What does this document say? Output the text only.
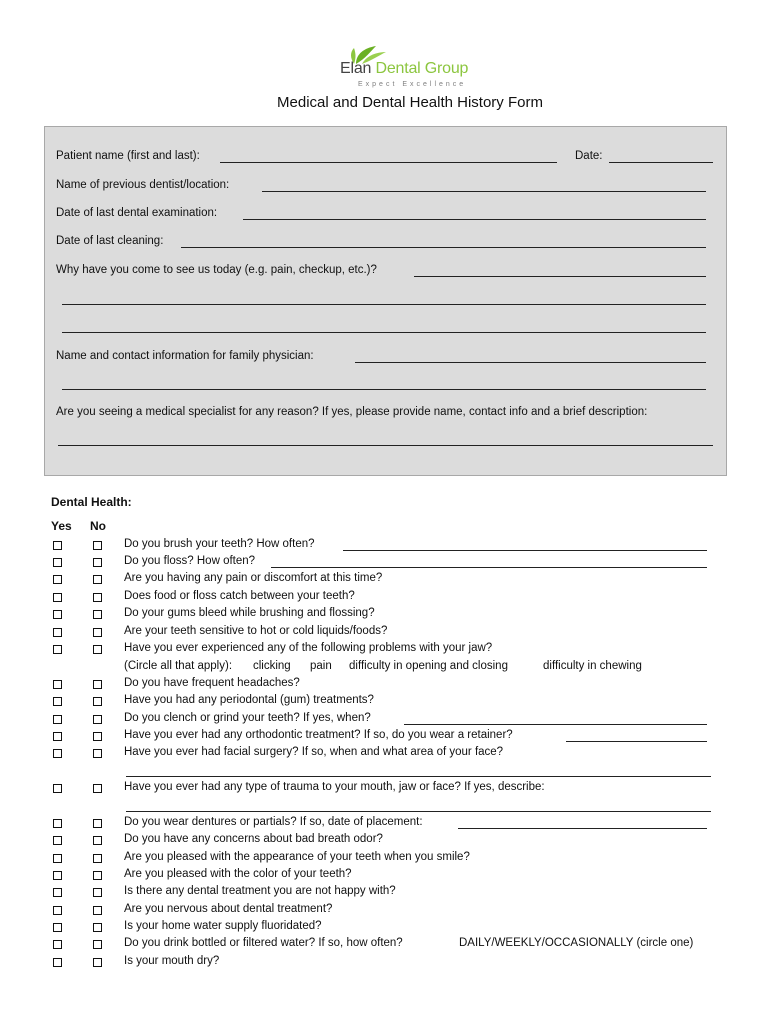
Elan Dental Group
Expect Excellence
Medical and Dental Health History Form
Patient name (first and last):	Date:
Name of previous dentist/location:
Date of last dental examination:
Date of last cleaning:
Why have you come to see us today (e.g. pain, checkup, etc.)?
Name and contact information for family physician:
Are you seeing a medical specialist for any reason? If yes, please provide name, contact info and a brief description:
Dental Health:
Yes No
Do you brush your teeth? How often?
Do you floss? How often?
Are you having any pain or discomfort at this time?
Does food or floss catch between your teeth?
Do your gums bleed while brushing and flossing?
Are your teeth sensitive to hot or cold liquids/foods?
Have you ever experienced any of the following problems with your jaw?
(Circle all that apply): clicking pain difficulty in opening and closing	difficulty in chewing
Do you have frequent headaches?
Have you had any periodontal (gum) treatments?
Do you clench or grind your teeth? If yes, when?
Have you ever had any orthodontic treatment? If so, do you wear a retainer?
Have you ever had facial surgery? If so, when and what area of your face?
Have you ever had any type of trauma to your mouth, jaw or face? If yes, describe:
Do you wear dentures or partials? If so, date of placement:
Do you have any concerns about bad breath odor?
Are you pleased with the appearance of your teeth when you smile?
Are you pleased with the color of your teeth?
Is there any dental treatment you are not happy with?
Are you nervous about dental treatment?
Is your home water supply fluoridated?
Do you drink bottled or filtered water? If so, how often?	DAILY/WEEKLY/OCCASIONALLY (circle one)
Is your mouth dry?
